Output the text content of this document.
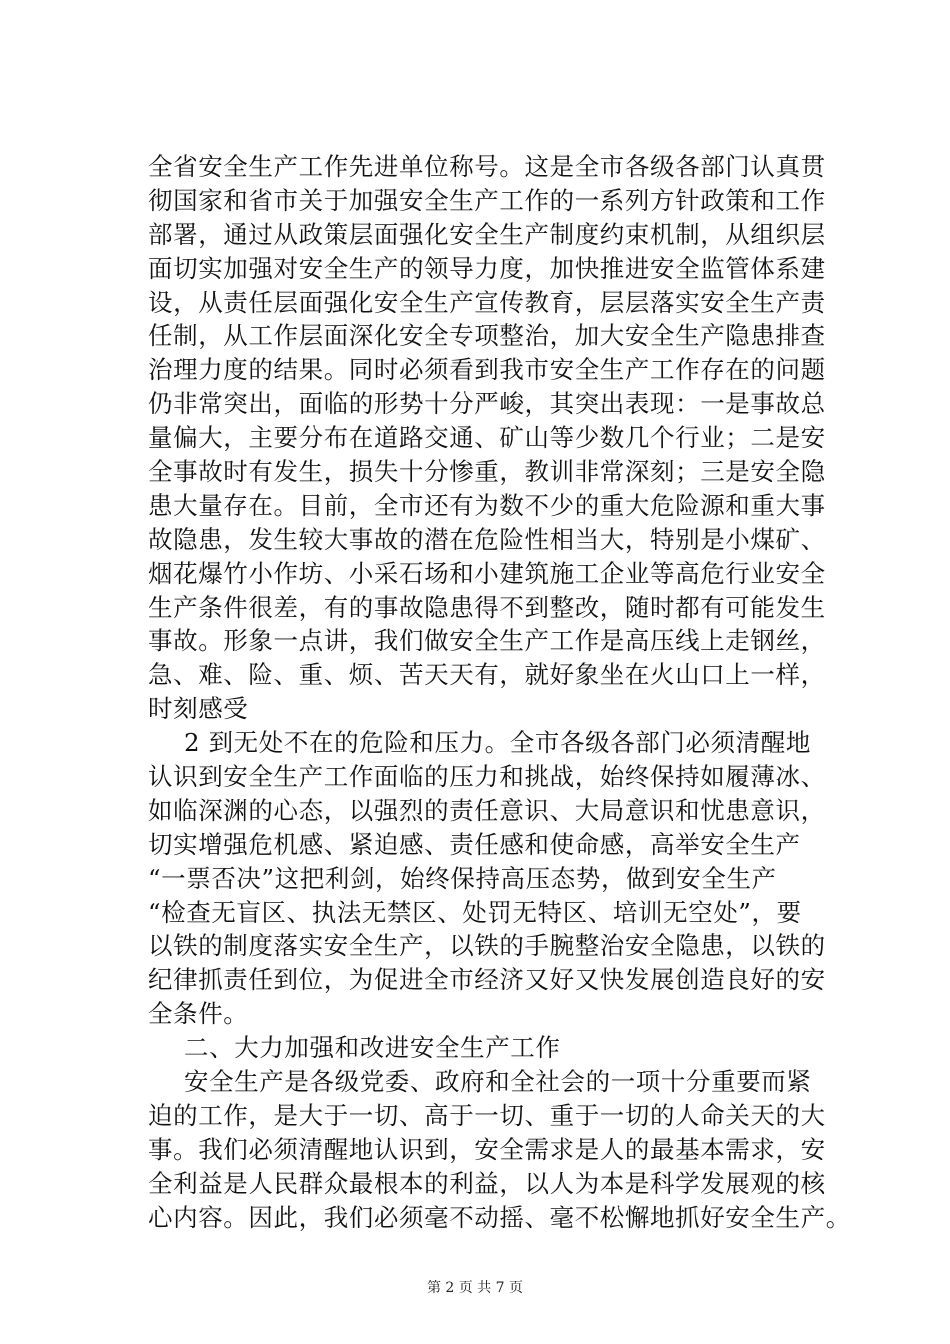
全省安全生产工作先进单位称号。这是全市各级各部门认真贯
彻国家和省市关于加强安全生产工作的一系列方针政策和工作
部署，通过从政策层面强化安全生产制度约束机制，从组织层
面切实加强对安全生产的领导力度，加快推进安全监管体系建
设，从责任层面强化安全生产宣传教育，层层落实安全生产责
任制，从工作层面深化安全专项整治，加大安全生产隐患排查
治理力度的结果。同时必须看到我市安全生产工作存在的问题
仍非常突出，面临的形势十分严峻，其突出表现：一是事故总
量偏大，主要分布在道路交通、矿山等少数几个行业；二是安
全事故时有发生，损失十分惨重，教训非常深刻；三是安全隐
患大量存在。目前，全市还有为数不少的重大危险源和重大事
故隐患，发生较大事故的潜在危险性相当大，特别是小煤矿、
烟花爆竹小作坊、小采石场和小建筑施工企业等高危行业安全
生产条件很差，有的事故隐患得不到整改，随时都有可能发生
事故。形象一点讲，我们做安全生产工作是高压线上走钢丝，
急、难、险、重、烦、苦天天有，就好象坐在火山口上一样，
时刻感受
2 到无处不在的危险和压力。全市各级各部门必须清醒地
认识到安全生产工作面临的压力和挑战，始终保持如履薄冰、
如临深渊的心态，以强烈的责任意识、大局意识和忧患意识，
切实增强危机感、紧迫感、责任感和使命感，高举安全生产
“一票否决”这把利剑，始终保持高压态势，做到安全生产
“检查无盲区、执法无禁区、处罚无特区、培训无空处”，要
以铁的制度落实安全生产，以铁的手腕整治安全隐患，以铁的
纪律抓责任到位，为促进全市经济又好又快发展创造良好的安
全条件。
二、大力加强和改进安全生产工作
安全生产是各级党委、政府和全社会的一项十分重要而紧
迫的工作，是大于一切、高于一切、重于一切的人命关天的大
事。我们必须清醒地认识到，安全需求是人的最基本需求，安
全利益是人民群众最根本的利益，以人为本是科学发展观的核
心内容。因此，我们必须毫不动摇、毫不松懈地抓好安全生产。
第 2 页 共 7 页
